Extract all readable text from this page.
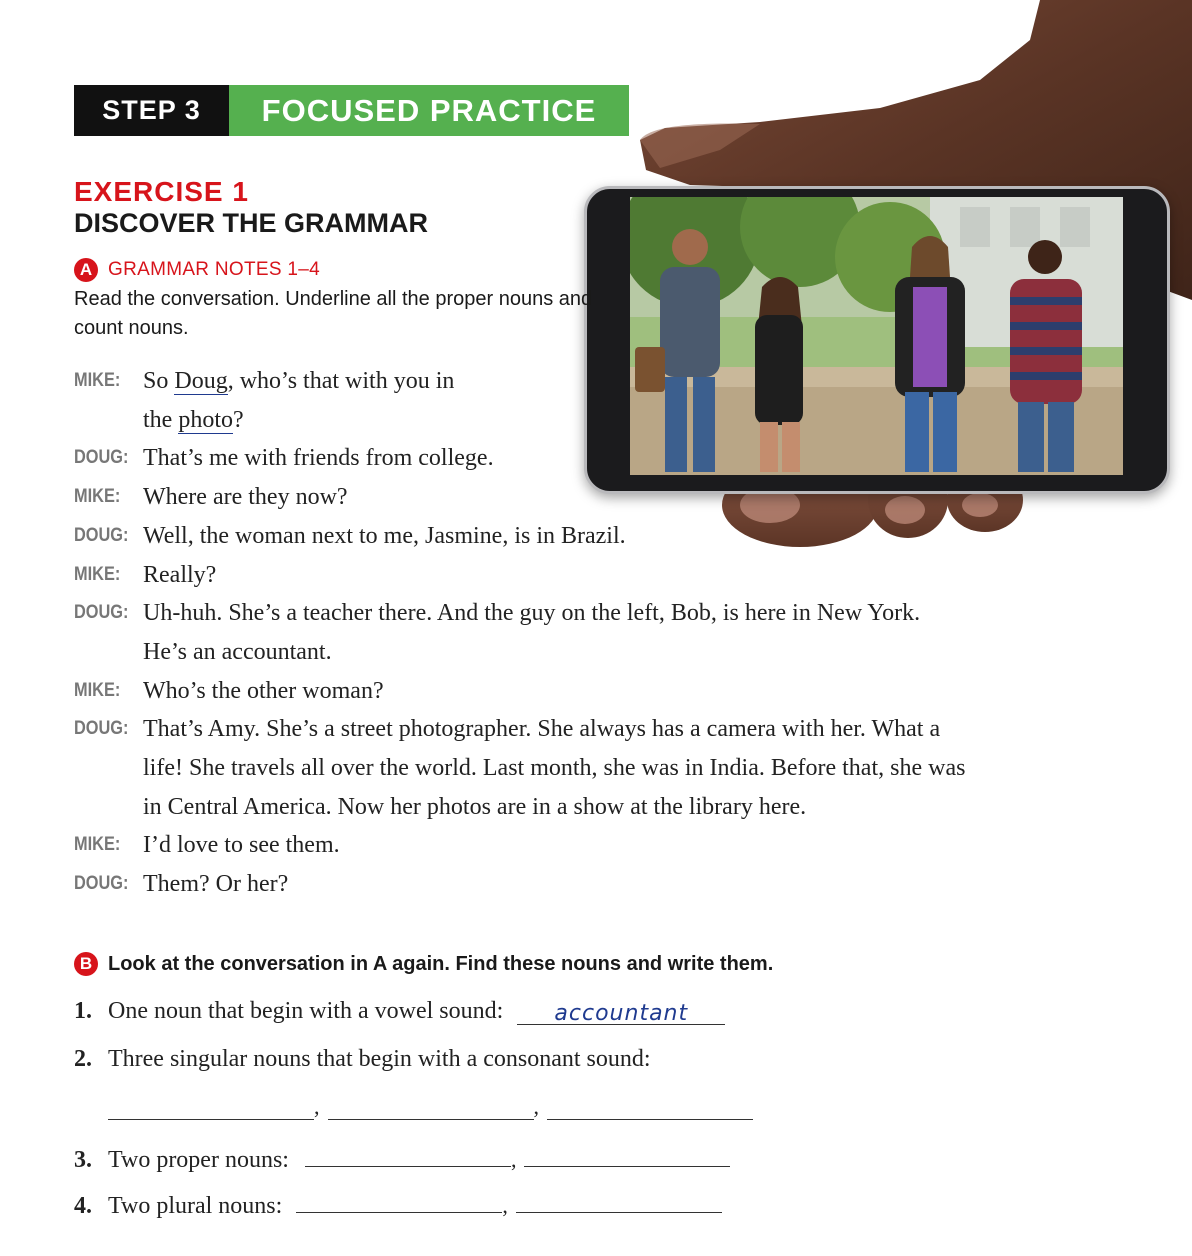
STEP 3	FOCUSED PRACTICE
EXERCISE 1
DISCOVER THE GRAMMAR
A GRAMMAR NOTES 1–4
Read the conversation. Underline all the proper nouns and count nouns.
MIKE: So Doug, who’s that with you in
the photo?
DOUG: That’s me with friends from college.
MIKE: Where are they now?
DOUG: Well, the woman next to me, Jasmine, is in Brazil.
MIKE: Really?
DOUG: Uh-huh. She’s a teacher there. And the guy on the left, Bob, is here in New York.
He’s an accountant.
MIKE: Who’s the other woman?
DOUG: That’s Amy. She’s a street photographer. She always has a camera with her. What a
life! She travels all over the world. Last month, she was in India. Before that, she was
in Central America. Now her photos are in a show at the library here.
MIKE: I’d love to see them.
DOUG: Them? Or her?
B Look at the conversation in A again. Find these nouns and write them.
1. One noun that begin with a vowel sound:	accountant
2. Three singular nouns that begin with a consonant sound:
,	,
3. Two proper nouns:	,
4. Two plural nouns:	,
